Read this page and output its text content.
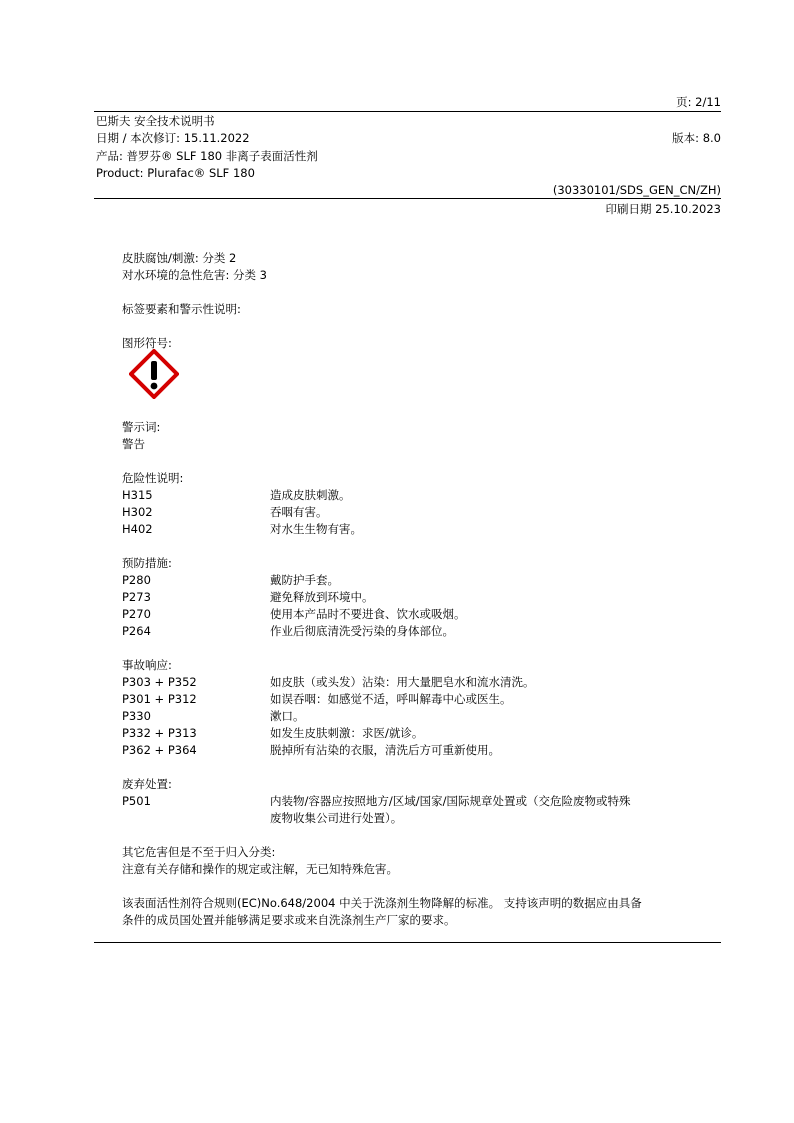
页: 2/11
巴斯夫 安全技术说明书
日期 / 本次修订: 15.11.2022	版本: 8.0
产品: 普罗芬® SLF 180 非离子表面活性剂
Product: Plurafac® SLF 180
(30330101/SDS_GEN_CN/ZH)
印刷日期 25.10.2023
皮肤腐蚀/刺激: 分类 2
对水环境的急性危害: 分类 3
标签要素和警示性说明:
图形符号:
警示词:
警告
危险性说明:
H315	造成皮肤刺激。
H302	吞咽有害。
H402	对水生生物有害。
预防措施:
P280	戴防护手套。
P273	避免释放到环境中。
P270	使用本产品时不要进食、饮水或吸烟。
P264	作业后彻底清洗受污染的身体部位。
事故响应:
P303 + P352	如皮肤（或头发）沾染：用大量肥皂水和流水清洗。
P301 + P312	如误吞咽：如感觉不适，呼叫解毒中心或医生。
P330	漱口。
P332 + P313	如发生皮肤刺激：求医/就诊。
P362 + P364	脱掉所有沾染的衣服，清洗后方可重新使用。
废弃处置:
P501	内装物/容器应按照地方/区域/国家/国际规章处置或（交危险废物或特殊
废物收集公司进行处置）。
其它危害但是不至于归入分类:
注意有关存储和操作的规定或注解，无已知特殊危害。
该表面活性剂符合规则(EC)No.648/2004 中关于洗涤剂生物降解的标准。 支持该声明的数据应由具备
条件的成员国处置并能够满足要求或来自洗涤剂生产厂家的要求。
